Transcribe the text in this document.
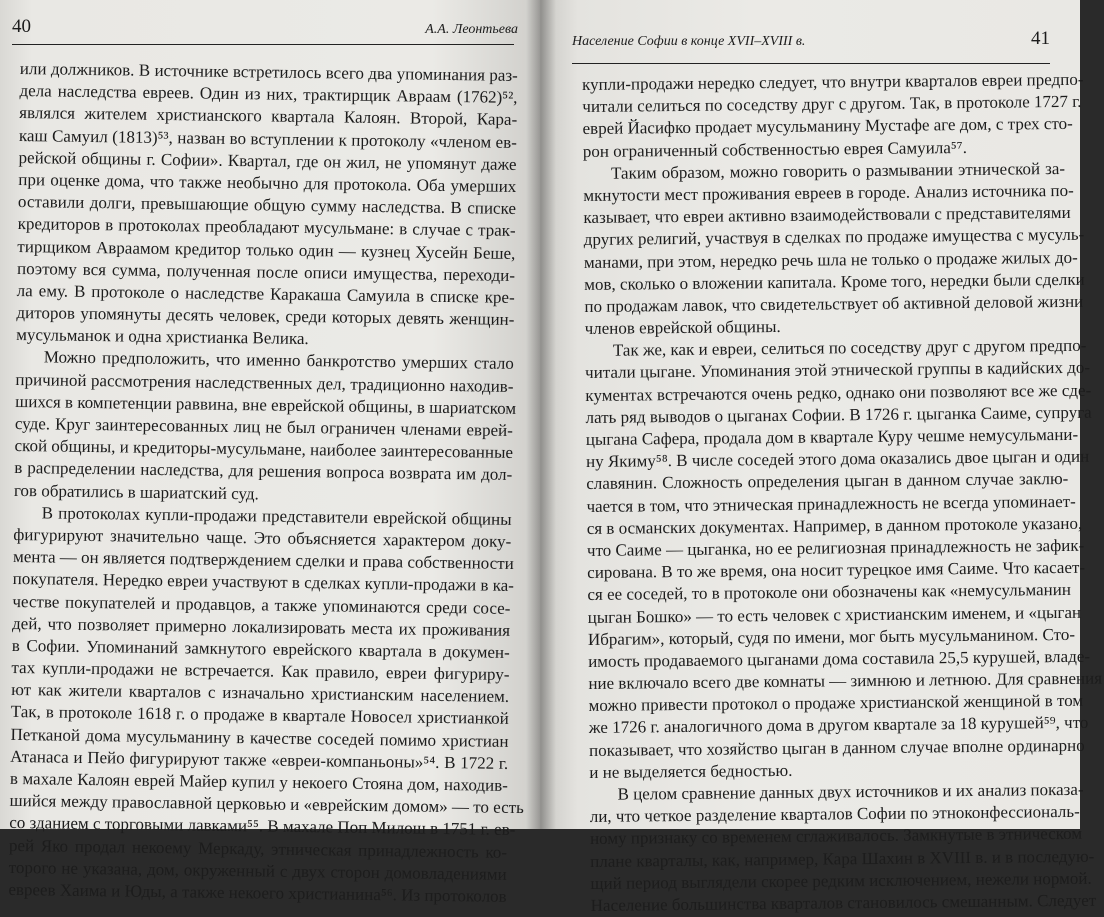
40	А.А. Леонтьева
или должников. В источнике встретилось всего два упоминания раз-
дела наследства евреев. Один из них, трактирщик Авраам (1762)⁵²,
являлся жителем христианского квартала Калоян. Второй, Кара-
каш Самуил (1813)⁵³, назван во вступлении к протоколу «членом ев-
рейской общины г. Софии». Квартал, где он жил, не упомянут даже
при оценке дома, что также необычно для протокола. Оба умерших
оставили долги, превышающие общую сумму наследства. В списке
кредиторов в протоколах преобладают мусульмане: в случае с трак-
тирщиком Авраамом кредитор только один — кузнец Хусейн Беше,
поэтому вся сумма, полученная после описи имущества, переходи-
ла ему. В протоколе о наследстве Каракаша Самуила в списке кре-
диторов упомянуты десять человек, среди которых девять женщин-
мусульманок и одна христианка Велика.
Можно предположить, что именно банкротство умерших стало
причиной рассмотрения наследственных дел, традиционно находив-
шихся в компетенции раввина, вне еврейской общины, в шариатском
суде. Круг заинтересованных лиц не был ограничен членами еврей-
ской общины, и кредиторы-мусульмане, наиболее заинтересованные
в распределении наследства, для решения вопроса возврата им дол-
гов обратились в шариатский суд.
В протоколах купли-продажи представители еврейской общины
фигурируют значительно чаще. Это объясняется характером доку-
мента — он является подтверждением сделки и права собственности
покупателя. Нередко евреи участвуют в сделках купли-продажи в ка-
честве покупателей и продавцов, а также упоминаются среди сосе-
дей, что позволяет примерно локализировать места их проживания
в Софии. Упоминаний замкнутого еврейского квартала в докумен-
тах купли-продажи не встречается. Как правило, евреи фигуриру-
ют как жители кварталов с изначально христианским населением.
Так, в протоколе 1618 г. о продаже в квартале Новосел христианкой
Петканой дома мусульманину в качестве соседей помимо христиан
Атанаса и Пейо фигурируют также «евреи-компаньоны»⁵⁴. В 1722 г.
в махале Калоян еврей Майер купил у некоего Стояна дом, находив-
шийся между православной церковью и «еврейским домом» — то есть
со зданием с торговыми лавками⁵⁵. В махале Поп Милош в 1751 г. ев-
рей Яко продал некоему Меркаду, этническая принадлежность ко-
торого не указана, дом, окруженный с двух сторон домовладениями
евреев Хаима и Юды, а также некоего христианина⁵⁶. Из протоколов
Население Софии в конце XVII–XVIII в.	41
купли-продажи нередко следует, что внутри кварталов евреи предпо-
читали селиться по соседству друг с другом. Так, в протоколе 1727 г.
еврей Йасифко продает мусульманину Мустафе аге дом, с трех сто-
рон ограниченный собственностью еврея Самуила⁵⁷.
Таким образом, можно говорить о размывании этнической за-
мкнутости мест проживания евреев в городе. Анализ источника по-
казывает, что евреи активно взаимодействовали с представителями
других религий, участвуя в сделках по продаже имущества с мусуль-
манами, при этом, нередко речь шла не только о продаже жилых до-
мов, сколько о вложении капитала. Кроме того, нередки были сделки
по продажам лавок, что свидетельствует об активной деловой жизни
членов еврейской общины.
Так же, как и евреи, селиться по соседству друг с другом предпо-
читали цыгане. Упоминания этой этнической группы в кадийских до-
кументах встречаются очень редко, однако они позволяют все же сде-
лать ряд выводов о цыганах Софии. В 1726 г. цыганка Саиме, супруга
цыгана Сафера, продала дом в квартале Куру чешме немусульмани-
ну Якиму⁵⁸. В числе соседей этого дома оказались двое цыган и один
славянин. Сложность определения цыган в данном случае заклю-
чается в том, что этническая принадлежность не всегда упоминает-
ся в османских документах. Например, в данном протоколе указано,
что Саиме — цыганка, но ее религиозная принадлежность не зафик-
сирована. В то же время, она носит турецкое имя Саиме. Что касает-
ся ее соседей, то в протоколе они обозначены как «немусульманин
цыган Бошко» — то есть человек с христианским именем, и «цыган
Ибрагим», который, судя по имени, мог быть мусульманином. Сто-
имость продаваемого цыганами дома составила 25,5 курушей, владе-
ние включало всего две комнаты — зимнюю и летнюю. Для сравнения
можно привести протокол о продаже христианской женщиной в том
же 1726 г. аналогичного дома в другом квартале за 18 курушей⁵⁹, что
показывает, что хозяйство цыган в данном случае вполне ординарно
и не выделяется бедностью.
В целом сравнение данных двух источников и их анализ показа-
ли, что четкое разделение кварталов Софии по этноконфессиональ-
ному признаку со временем сглаживалось. Замкнутые в этническом
плане кварталы, как, например, Кара Шахин в XVIII в. и в последую-
щий период выглядели скорее редким исключением, нежели нормой.
Население большинства кварталов становилось смешанным. Следует
